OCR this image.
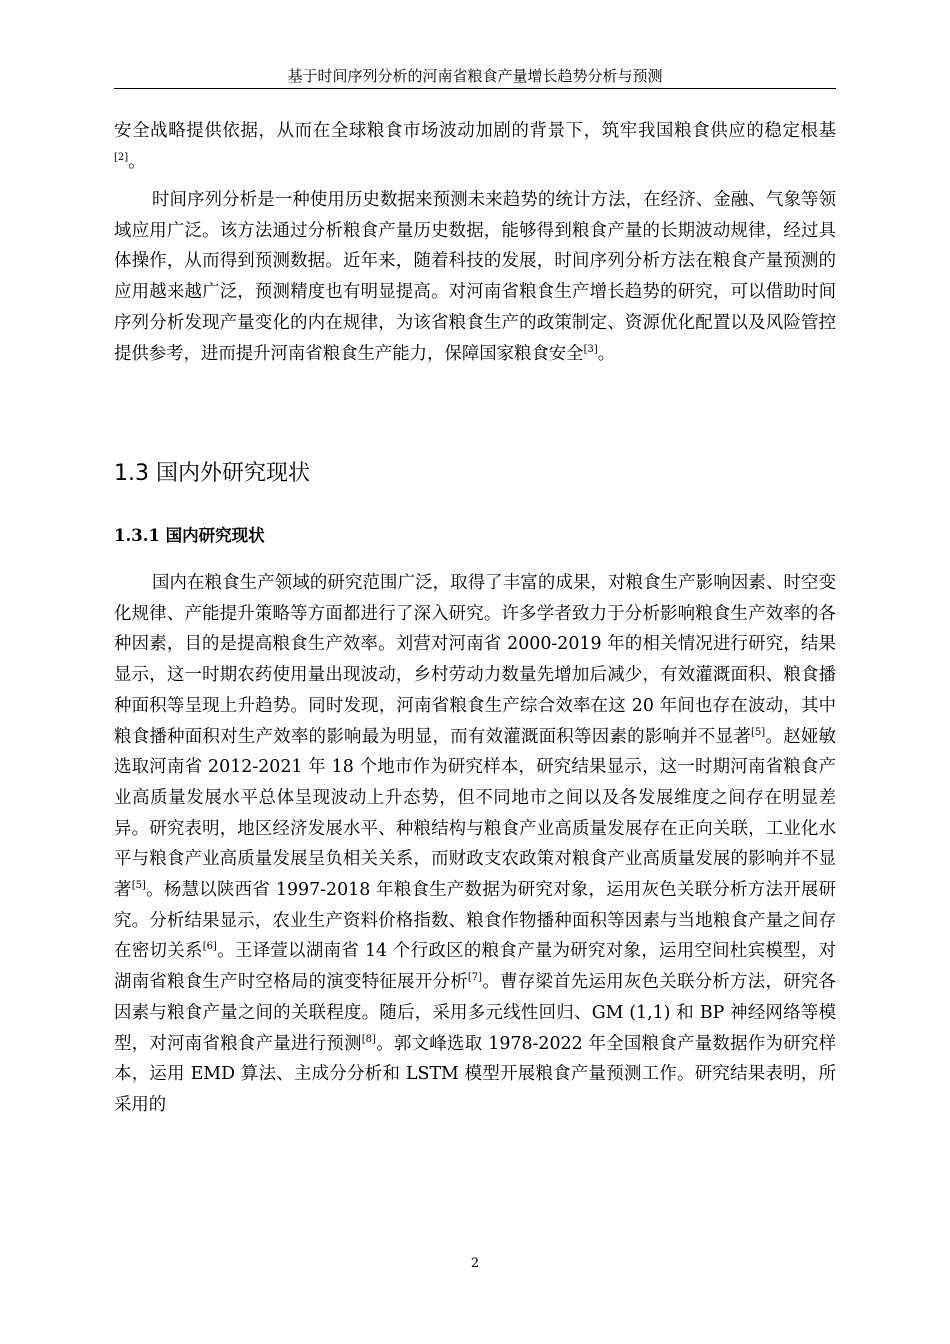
基于时间序列分析的河南省粮食产量增长趋势分析与预测

安全战略提供依据，从而在全球粮食市场波动加剧的背景下，筑牢我国粮食供应的稳定根基[2]。

时间序列分析是一种使用历史数据来预测未来趋势的统计方法，在经济、金融、气象等领域应用广泛。该方法通过分析粮食产量历史数据，能够得到粮食产量的长期波动规律，经过具体操作，从而得到预测数据。近年来，随着科技的发展，时间序列分析方法在粮食产量预测的应用越来越广泛，预测精度也有明显提高。对河南省粮食生产增长趋势的研究，可以借助时间序列分析发现产量变化的内在规律，为该省粮食生产的政策制定、资源优化配置以及风险管控提供参考，进而提升河南省粮食生产能力，保障国家粮食安全[3]。

1.3 国内外研究现状
1.3.1 国内研究现状

国内在粮食生产领域的研究范围广泛，取得了丰富的成果，对粮食生产影响因素、时空变化规律、产能提升策略等方面都进行了深入研究。许多学者致力于分析影响粮食生产效率的各种因素，目的是提高粮食生产效率。刘营对河南省 2000-2019 年的相关情况进行研究，结果显示，这一时期农药使用量出现波动，乡村劳动力数量先增加后减少，有效灌溉面积、粮食播种面积等呈现上升趋势。同时发现，河南省粮食生产综合效率在这 20 年间也存在波动，其中粮食播种面积对生产效率的影响最为明显，而有效灌溉面积等因素的影响并不显著[5]。赵娅敏选取河南省 2012-2021 年 18 个地市作为研究样本，研究结果显示，这一时期河南省粮食产业高质量发展水平总体呈现波动上升态势，但不同地市之间以及各发展维度之间存在明显差异。研究表明，地区经济发展水平、种粮结构与粮食产业高质量发展存在正向关联，工业化水平与粮食产业高质量发展呈负相关关系，而财政支农政策对粮食产业高质量发展的影响并不显著[5]。杨慧以陕西省 1997-2018 年粮食生产数据为研究对象，运用灰色关联分析方法开展研究。分析结果显示，农业生产资料价格指数、粮食作物播种面积等因素与当地粮食产量之间存在密切关系[6]。王译萱以湖南省 14 个行政区的粮食产量为研究对象，运用空间杜宾模型，对湖南省粮食生产时空格局的演变特征展开分析[7]。曹存梁首先运用灰色关联分析方法，研究各因素与粮食产量之间的关联程度。随后，采用多元线性回归、GM (1,1) 和 BP 神经网络等模型，对河南省粮食产量进行预测[8]。郭文峰选取 1978-2022 年全国粮食产量数据作为研究样本，运用 EMD 算法、主成分分析和 LSTM 模型开展粮食产量预测工作。研究结果表明，所采用的

2
